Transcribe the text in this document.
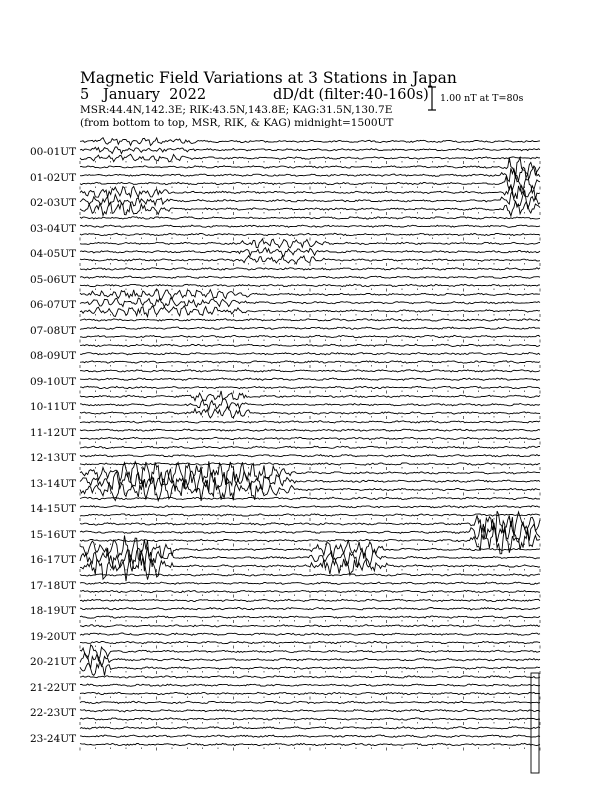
Magnetic Field Variations at 3 Stations in Japan
5   January  2022	dD/dt (filter:40-160s)
MSR:44.4N,142.3E; RIK:43.5N,143.8E; KAG:31.5N,130.7E
(from bottom to top, MSR, RIK, & KAG) midnight=1500UT
1.00 nT at T=80s
00-01UT
01-02UT
02-03UT
03-04UT
04-05UT
05-06UT
06-07UT
07-08UT
08-09UT
09-10UT
10-11UT
11-12UT
12-13UT
13-14UT
14-15UT
15-16UT
16-17UT
17-18UT
18-19UT
19-20UT
20-21UT
21-22UT
22-23UT
23-24UT
